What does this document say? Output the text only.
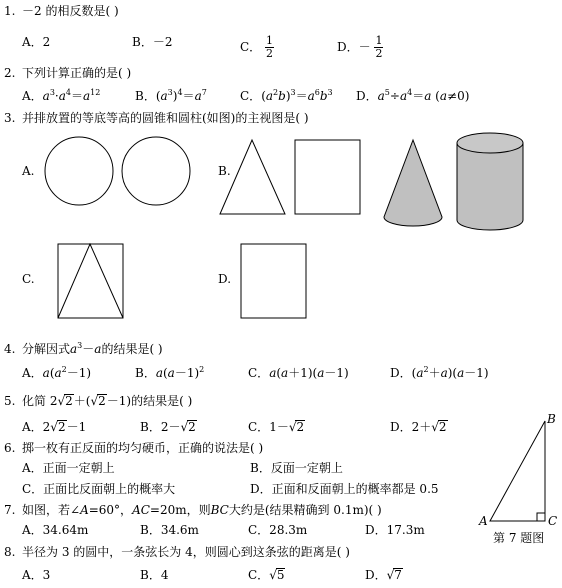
1. －2 的相反数是( )
A．2	B．－2	C． $\frac{1}{2}$	D．－ $\frac{1}{2}$
2. 下列计算正确的是( )
A．$a^3\cdot a^4=a^{12}$	B．$(a^3)^4=a^7$	C．$(a^2b)^3=a^6b^3$ D．$a^5\div a^4=a$ (a≠0)
3. 并排放置的等底等高的圆锥和圆柱(如图)的主视图是( )
A.	B.
C.	D.
4. 分解因式$a^3-a$的结果是( )
A．$a(a^2-1)$	B．$a(a-1)^2$	C．a(a＋1)(a－1)	D．$(a^2+a)(a-1)$
5. 化简 2√2＋(√2－1)的结果是( )
A．2√2－1	B．2－√2	C．1－√2	D．2＋√2
6. 掷一枚有正反面的均匀硬币，正确的说法是( )
A．正面一定朝上	B．反面一定朝上
C．正面比反面朝上的概率大	D．正面和反面朝上的概率都是 0.5
7. 如图，若∠A=60°，AC=20m，则BC大约是(结果精确到 0.1m)( )
A．34.64m	B．34.6m	C．28.3m	D．17.3m
B
A	C
第 7 题图
8. 半径为 3 的圆中，一条弦长为 4，则圆心到这条弦的距离是( )
A．3	B．4	C．√5	D．√7
